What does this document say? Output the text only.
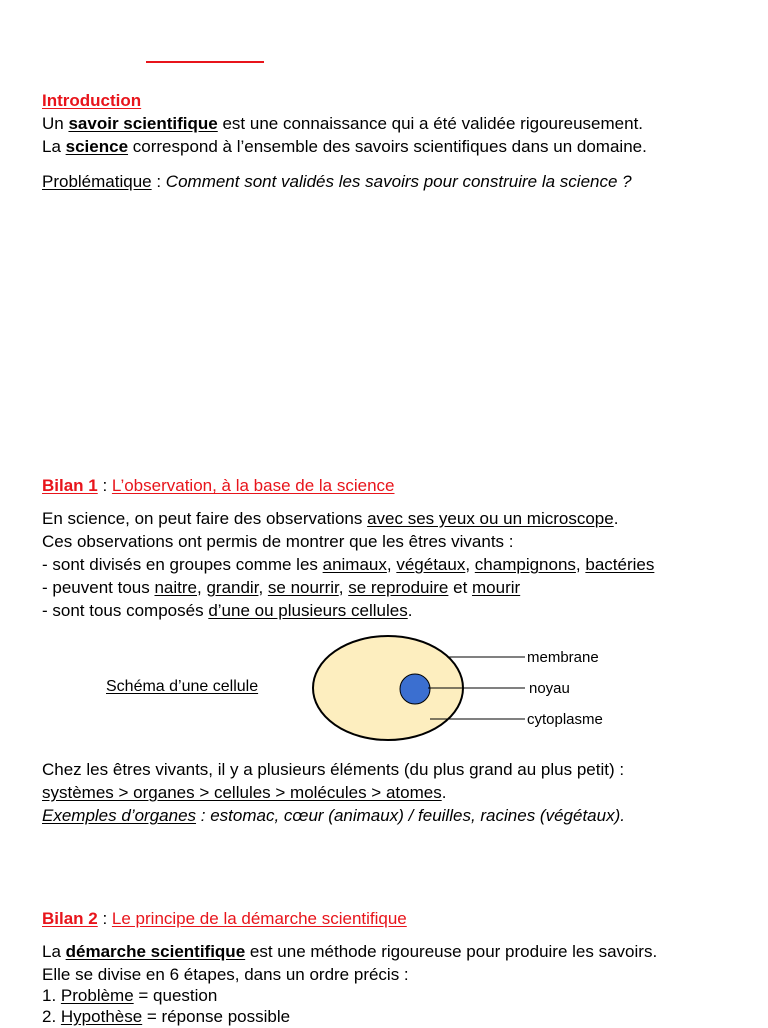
Introduction
Un savoir scientifique est une connaissance qui a été validée rigoureusement.
La science correspond à l’ensemble des savoirs scientifiques dans un domaine.
Problématique : Comment sont validés les savoirs pour construire la science ?
Bilan 1 : L’observation, à la base de la science
En science, on peut faire des observations avec ses yeux ou un microscope.
Ces observations ont permis de montrer que les êtres vivants :
- sont divisés en groupes comme les animaux, végétaux, champignons, bactéries
- peuvent tous naitre, grandir, se nourrir, se reproduire et mourir
- sont tous composés d’une ou plusieurs cellules.
Schéma d’une cellule
membrane
noyau
cytoplasme
Chez les êtres vivants, il y a plusieurs éléments (du plus grand au plus petit) :
systèmes > organes > cellules > molécules > atomes.
Exemples d’organes : estomac, cœur (animaux) / feuilles, racines (végétaux).
Bilan 2 : Le principe de la démarche scientifique
La démarche scientifique est une méthode rigoureuse pour produire les savoirs.
Elle se divise en 6 étapes, dans un ordre précis :
1. Problème = question
2. Hypothèse = réponse possible
